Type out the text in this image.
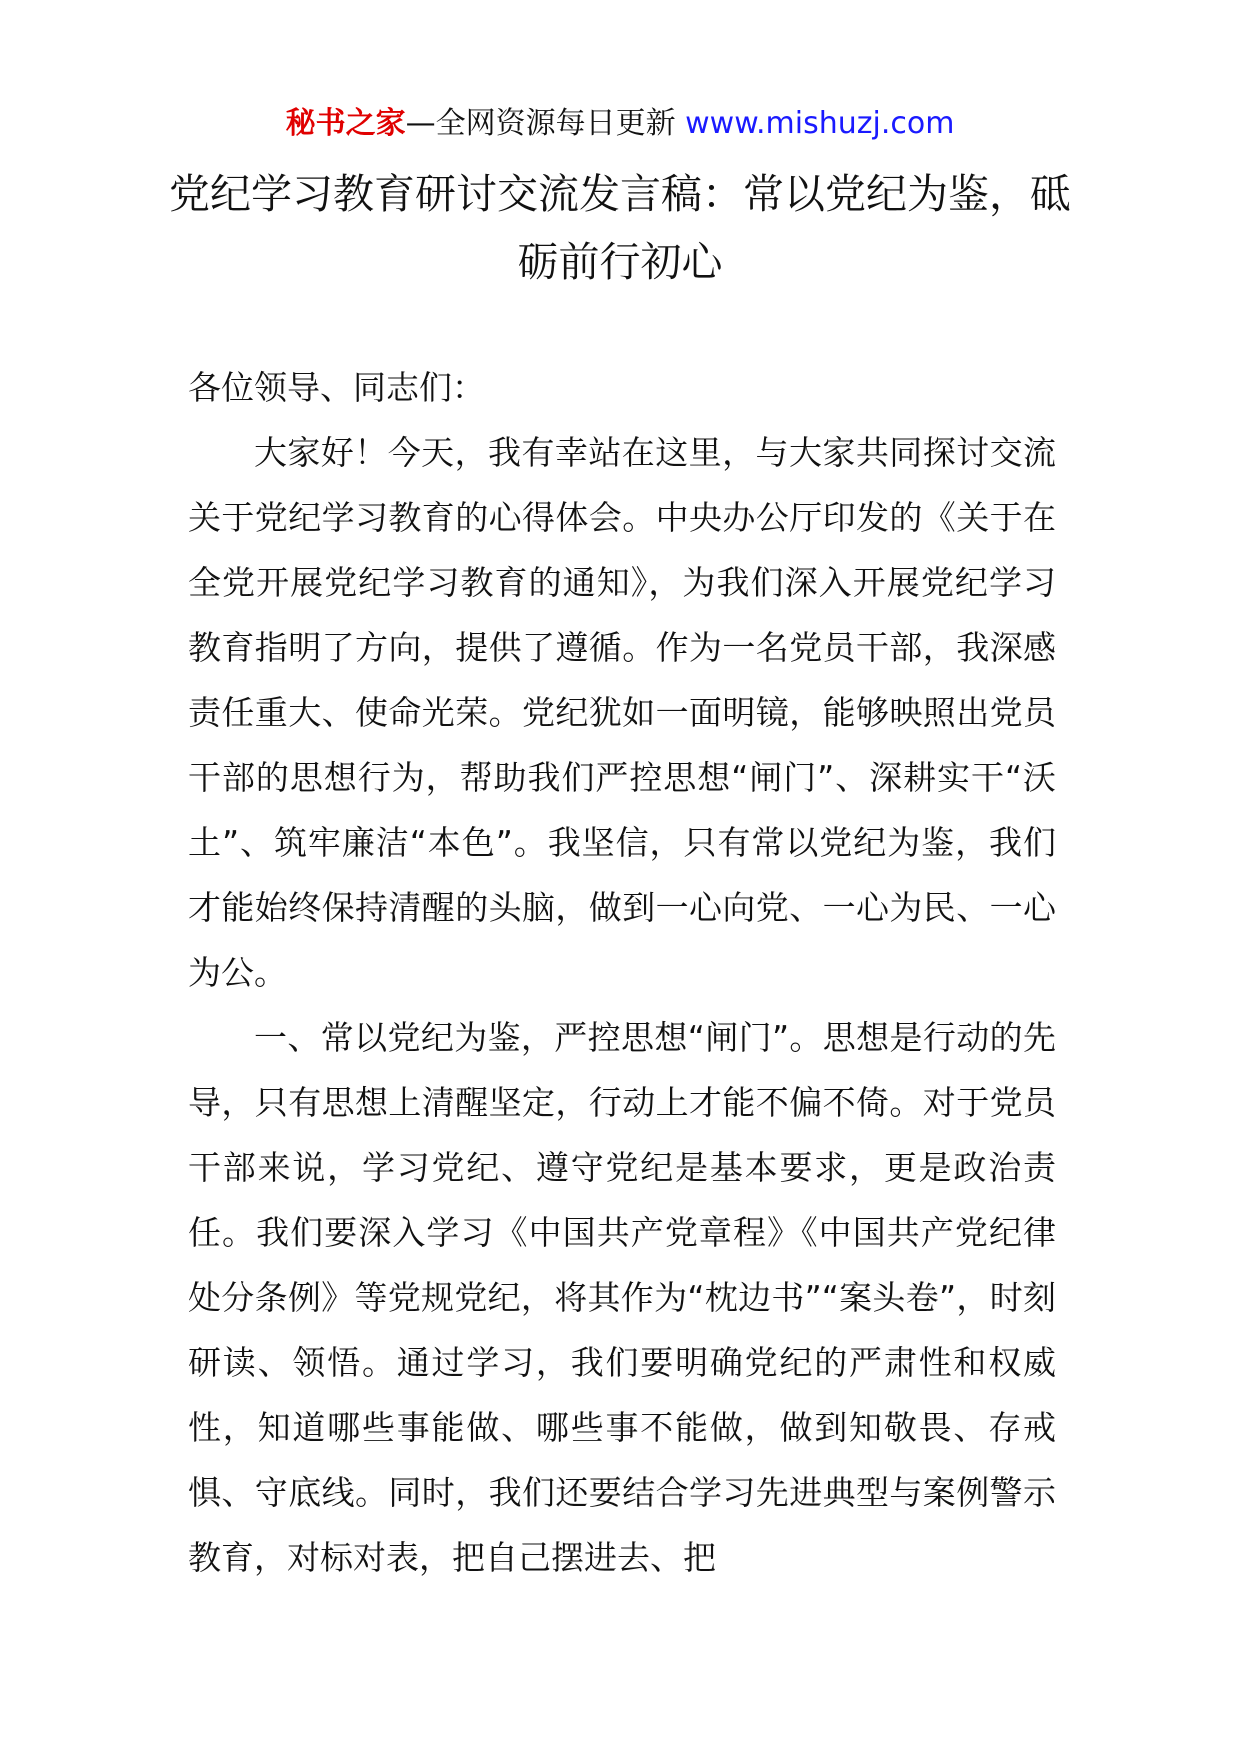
秘书之家—全网资源每日更新 www.mishuzj.com
党纪学习教育研讨交流发言稿：常以党纪为鉴，砥砺前行初心

各位领导、同志们：

大家好！今天，我有幸站在这里，与大家共同探讨交流关于党纪学习教育的心得体会。中央办公厅印发的《关于在全党开展党纪学习教育的通知》，为我们深入开展党纪学习教育指明了方向，提供了遵循。作为一名党员干部，我深感责任重大、使命光荣。党纪犹如一面明镜，能够映照出党员干部的思想行为，帮助我们严控思想“闸门”、深耕实干“沃土”、筑牢廉洁“本色”。我坚信，只有常以党纪为鉴，我们才能始终保持清醒的头脑，做到一心向党、一心为民、一心为公。

一、常以党纪为鉴，严控思想“闸门”。思想是行动的先导，只有思想上清醒坚定，行动上才能不偏不倚。对于党员干部来说，学习党纪、遵守党纪是基本要求，更是政治责任。我们要深入学习《中国共产党章程》《中国共产党纪律处分条例》等党规党纪，将其作为“枕边书”“案头卷”，时刻研读、领悟。通过学习，我们要明确党纪的严肃性和权威性，知道哪些事能做、哪些事不能做，做到知敬畏、存戒惧、守底线。同时，我们还要结合学习先进典型与案例警示教育，对标对表，把自己摆进去、把
